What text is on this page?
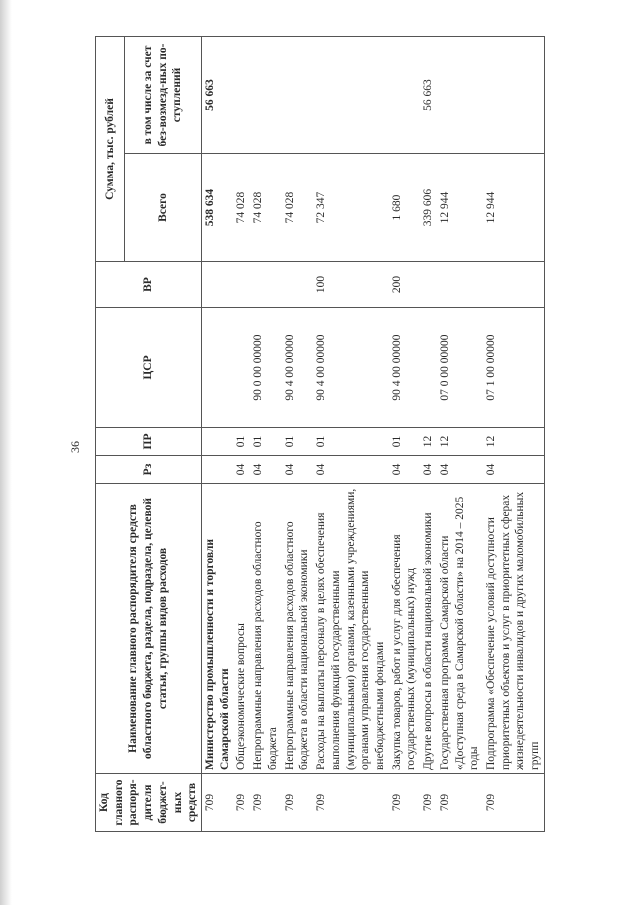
36
Код главного распоря-дителя бюджет-ных средств	Наименование главного распорядителя средств областного бюджета, раздела, подраздела, целевой статьи, группы видов расходов	Рз	ПР	ЦСР	ВР	Сумма, тыс. рублей	
						Всего	в том числе за счет без-возмезд-ных по-ступлений
709	Министерство промышленности и торговли Самарской области					538 634	56 663
709	Общеэкономические вопросы	04	01			74 028	
709	Непрограммные направления расходов областного бюджета	04	01	90 0 00 00000		74 028	
709	Непрограммные направления расходов областного бюджета в области национальной экономики	04	01	90 4 00 00000		74 028	
709	Расходы на выплаты персоналу в целях обеспечения выполнения функций государственными (муниципальными) органами, казенными учреждениями, органами управления государственными внебюджетными фондами	04	01	90 4 00 00000	100	72 347	
709	Закупка товаров, работ и услуг для обеспечения государственных (муниципальных) нужд	04	01	90 4 00 00000	200	1 680	
709	Другие вопросы в области национальной экономики	04	12			339 606	56 663
709	Государственная программа Самарской области «Доступная среда в Самарской области» на 2014 – 2025 годы	04	12	07 0 00 00000		12 944	
709	Подпрограмма «Обеспечение условий доступности приоритетных объектов и услуг в приоритетных сферах жизнедеятельности инвалидов и других маломобильных групп	04	12	07 1 00 00000		12 944	
